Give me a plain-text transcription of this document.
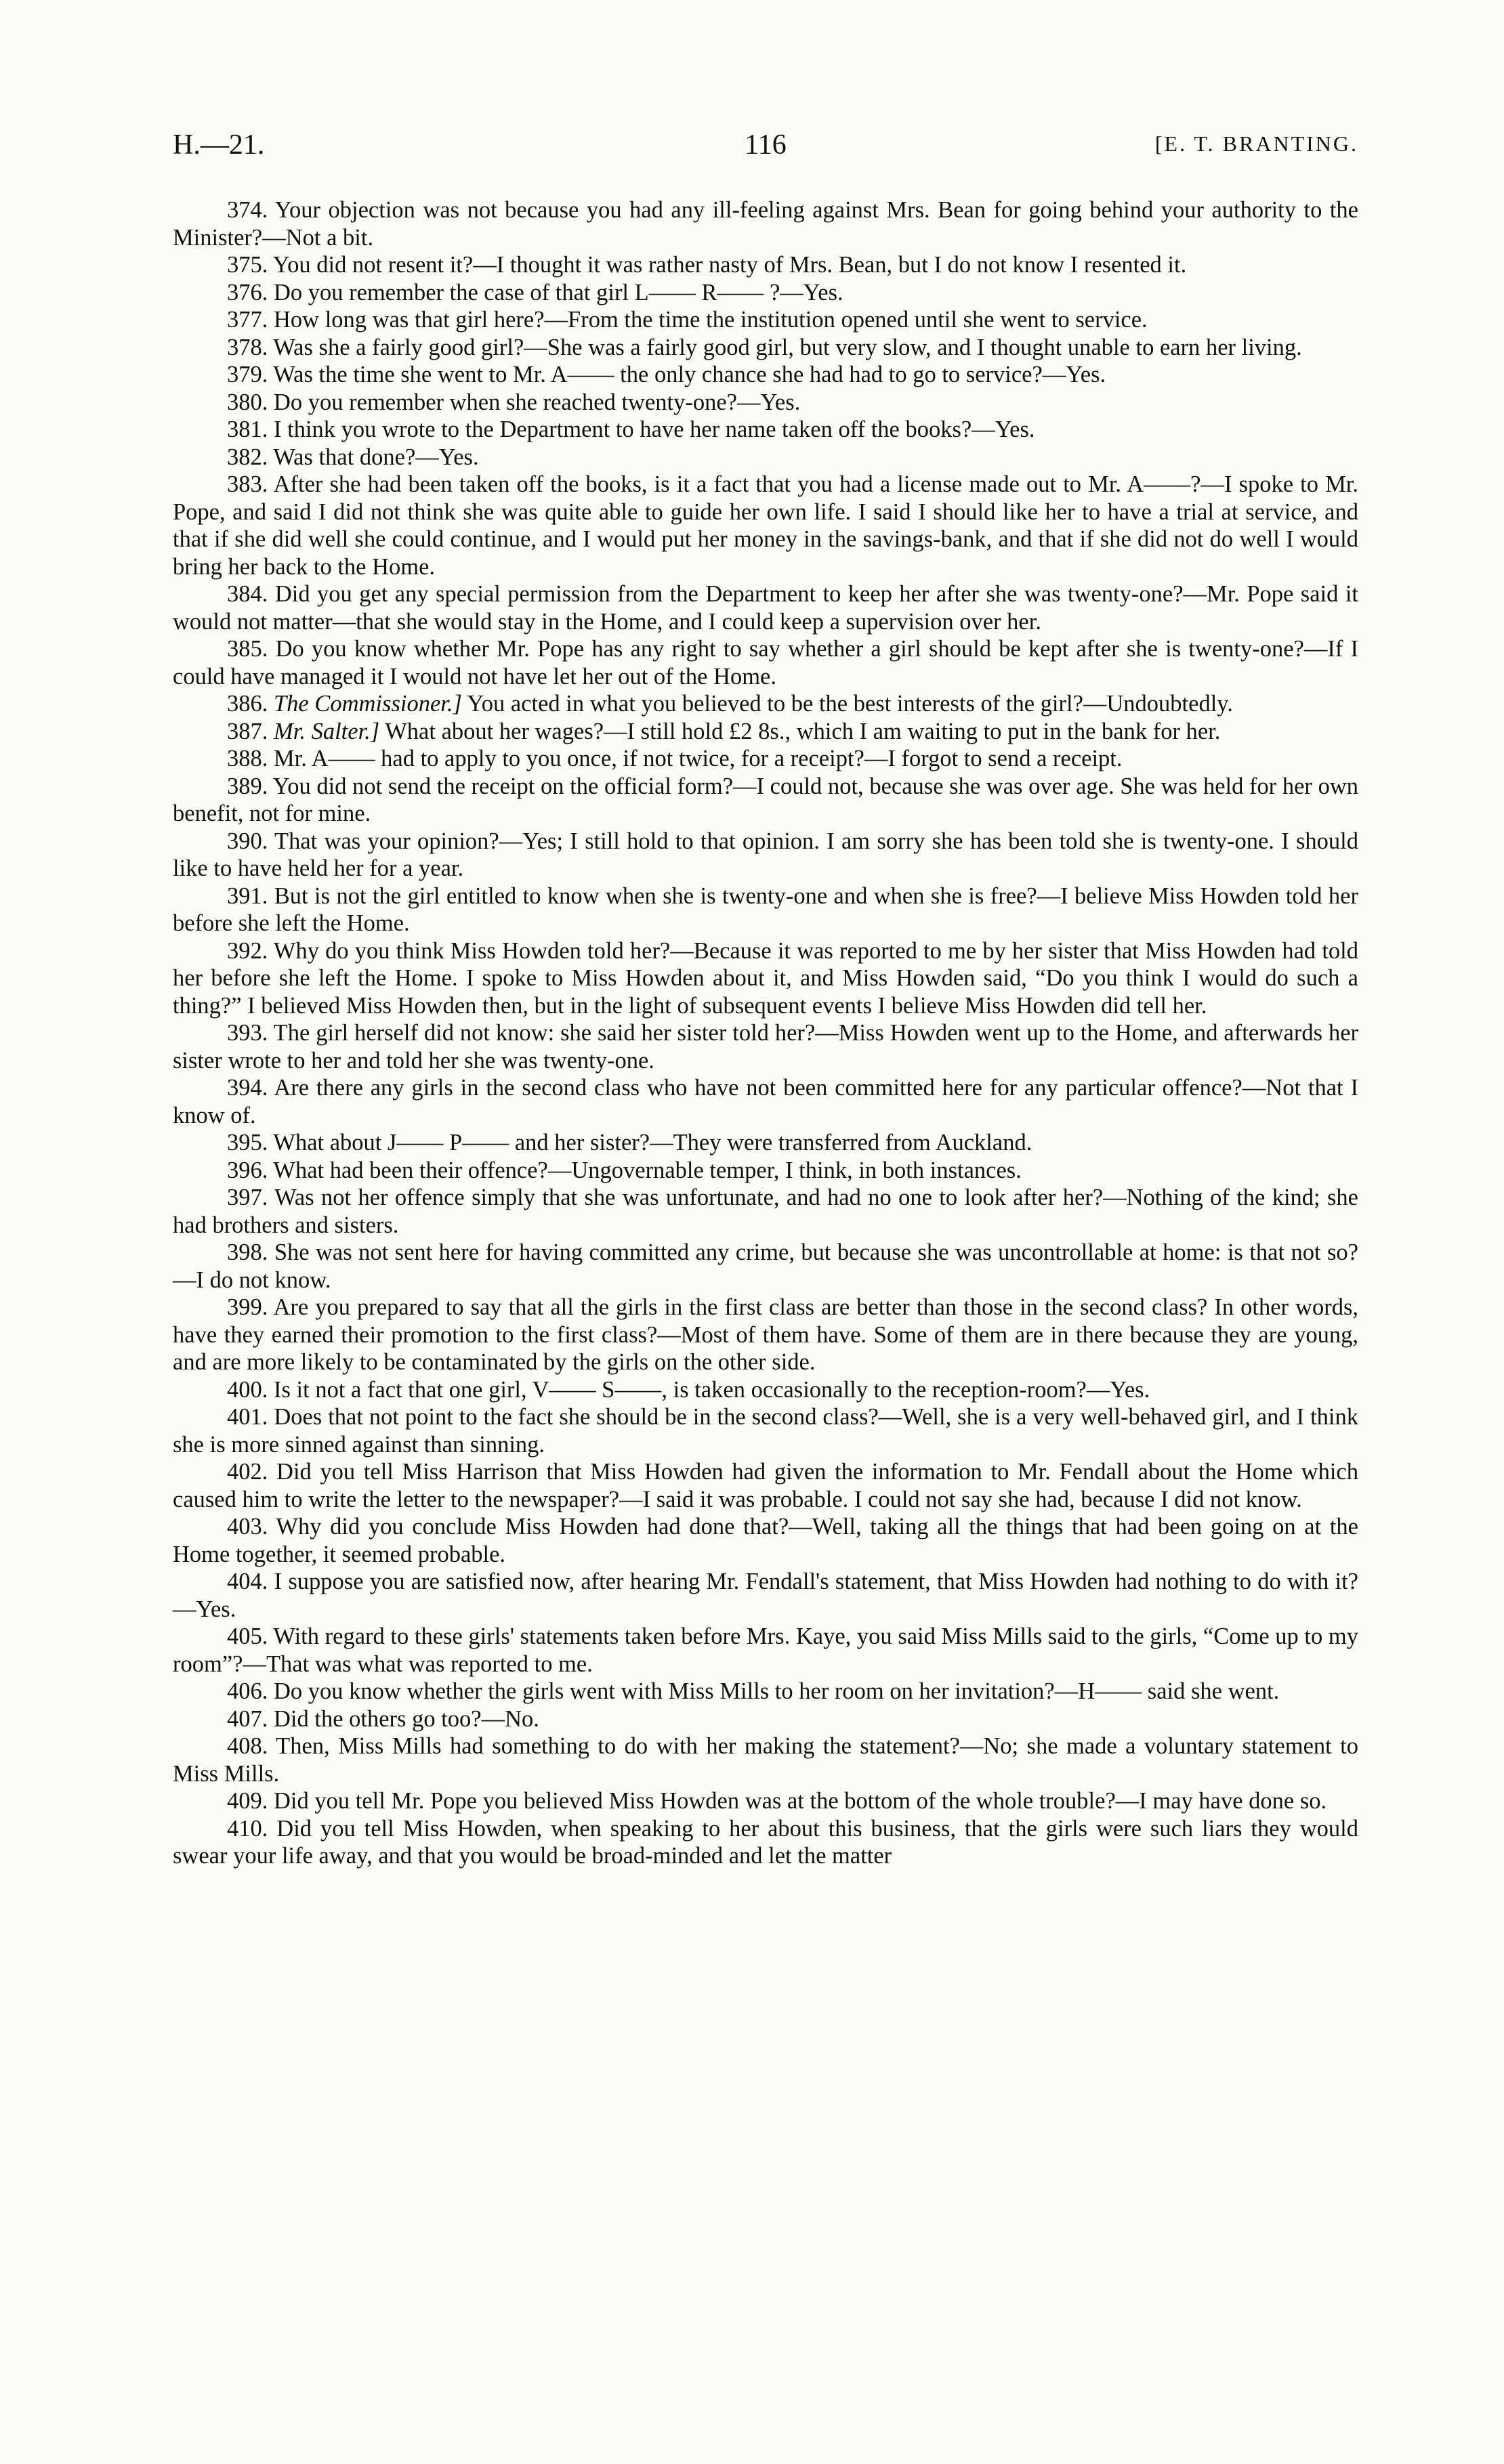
H.—21.	116	[E. T. BRANTING.

374. Your objection was not because you had any ill-feeling against Mrs. Bean for going behind your authority to the Minister?—Not a bit.

375. You did not resent it?—I thought it was rather nasty of Mrs. Bean, but I do not know I resented it.

376. Do you remember the case of that girl L—— R—— ?—Yes.

377. How long was that girl here?—From the time the institution opened until she went to service.

378. Was she a fairly good girl?—She was a fairly good girl, but very slow, and I thought unable to earn her living.

379. Was the time she went to Mr. A—— the only chance she had had to go to service?—Yes.

380. Do you remember when she reached twenty-one?—Yes.

381. I think you wrote to the Department to have her name taken off the books?—Yes.

382. Was that done?—Yes.

383. After she had been taken off the books, is it a fact that you had a license made out to Mr. A——?—I spoke to Mr. Pope, and said I did not think she was quite able to guide her own life. I said I should like her to have a trial at service, and that if she did well she could continue, and I would put her money in the savings-bank, and that if she did not do well I would bring her back to the Home.

384. Did you get any special permission from the Department to keep her after she was twenty-one?—Mr. Pope said it would not matter—that she would stay in the Home, and I could keep a supervision over her.

385. Do you know whether Mr. Pope has any right to say whether a girl should be kept after she is twenty-one?—If I could have managed it I would not have let her out of the Home.

386. The Commissioner.] You acted in what you believed to be the best interests of the girl?—Undoubtedly.

387. Mr. Salter.] What about her wages?—I still hold £2 8s., which I am waiting to put in the bank for her.

388. Mr. A—— had to apply to you once, if not twice, for a receipt?—I forgot to send a receipt.

389. You did not send the receipt on the official form?—I could not, because she was over age. She was held for her own benefit, not for mine.

390. That was your opinion?—Yes; I still hold to that opinion. I am sorry she has been told she is twenty-one. I should like to have held her for a year.

391. But is not the girl entitled to know when she is twenty-one and when she is free?—I believe Miss Howden told her before she left the Home.

392. Why do you think Miss Howden told her?—Because it was reported to me by her sister that Miss Howden had told her before she left the Home. I spoke to Miss Howden about it, and Miss Howden said, “Do you think I would do such a thing?” I believed Miss Howden then, but in the light of subsequent events I believe Miss Howden did tell her.

393. The girl herself did not know: she said her sister told her?—Miss Howden went up to the Home, and afterwards her sister wrote to her and told her she was twenty-one.

394. Are there any girls in the second class who have not been committed here for any particular offence?—Not that I know of.

395. What about J—— P—— and her sister?—They were transferred from Auckland.

396. What had been their offence?—Ungovernable temper, I think, in both instances.

397. Was not her offence simply that she was unfortunate, and had no one to look after her?—Nothing of the kind; she had brothers and sisters.

398. She was not sent here for having committed any crime, but because she was uncontrollable at home: is that not so?—I do not know.

399. Are you prepared to say that all the girls in the first class are better than those in the second class? In other words, have they earned their promotion to the first class?—Most of them have. Some of them are in there because they are young, and are more likely to be contaminated by the girls on the other side.

400. Is it not a fact that one girl, V—— S——, is taken occasionally to the reception-room?—Yes.

401. Does that not point to the fact she should be in the second class?—Well, she is a very well-behaved girl, and I think she is more sinned against than sinning.

402. Did you tell Miss Harrison that Miss Howden had given the information to Mr. Fendall about the Home which caused him to write the letter to the newspaper?—I said it was probable. I could not say she had, because I did not know.

403. Why did you conclude Miss Howden had done that?—Well, taking all the things that had been going on at the Home together, it seemed probable.

404. I suppose you are satisfied now, after hearing Mr. Fendall's statement, that Miss Howden had nothing to do with it?—Yes.

405. With regard to these girls' statements taken before Mrs. Kaye, you said Miss Mills said to the girls, “Come up to my room”?—That was what was reported to me.

406. Do you know whether the girls went with Miss Mills to her room on her invitation?—H—— said she went.

407. Did the others go too?—No.

408. Then, Miss Mills had something to do with her making the statement?—No; she made a voluntary statement to Miss Mills.

409. Did you tell Mr. Pope you believed Miss Howden was at the bottom of the whole trouble?—I may have done so.

410. Did you tell Miss Howden, when speaking to her about this business, that the girls were such liars they would swear your life away, and that you would be broad-minded and let the matter
